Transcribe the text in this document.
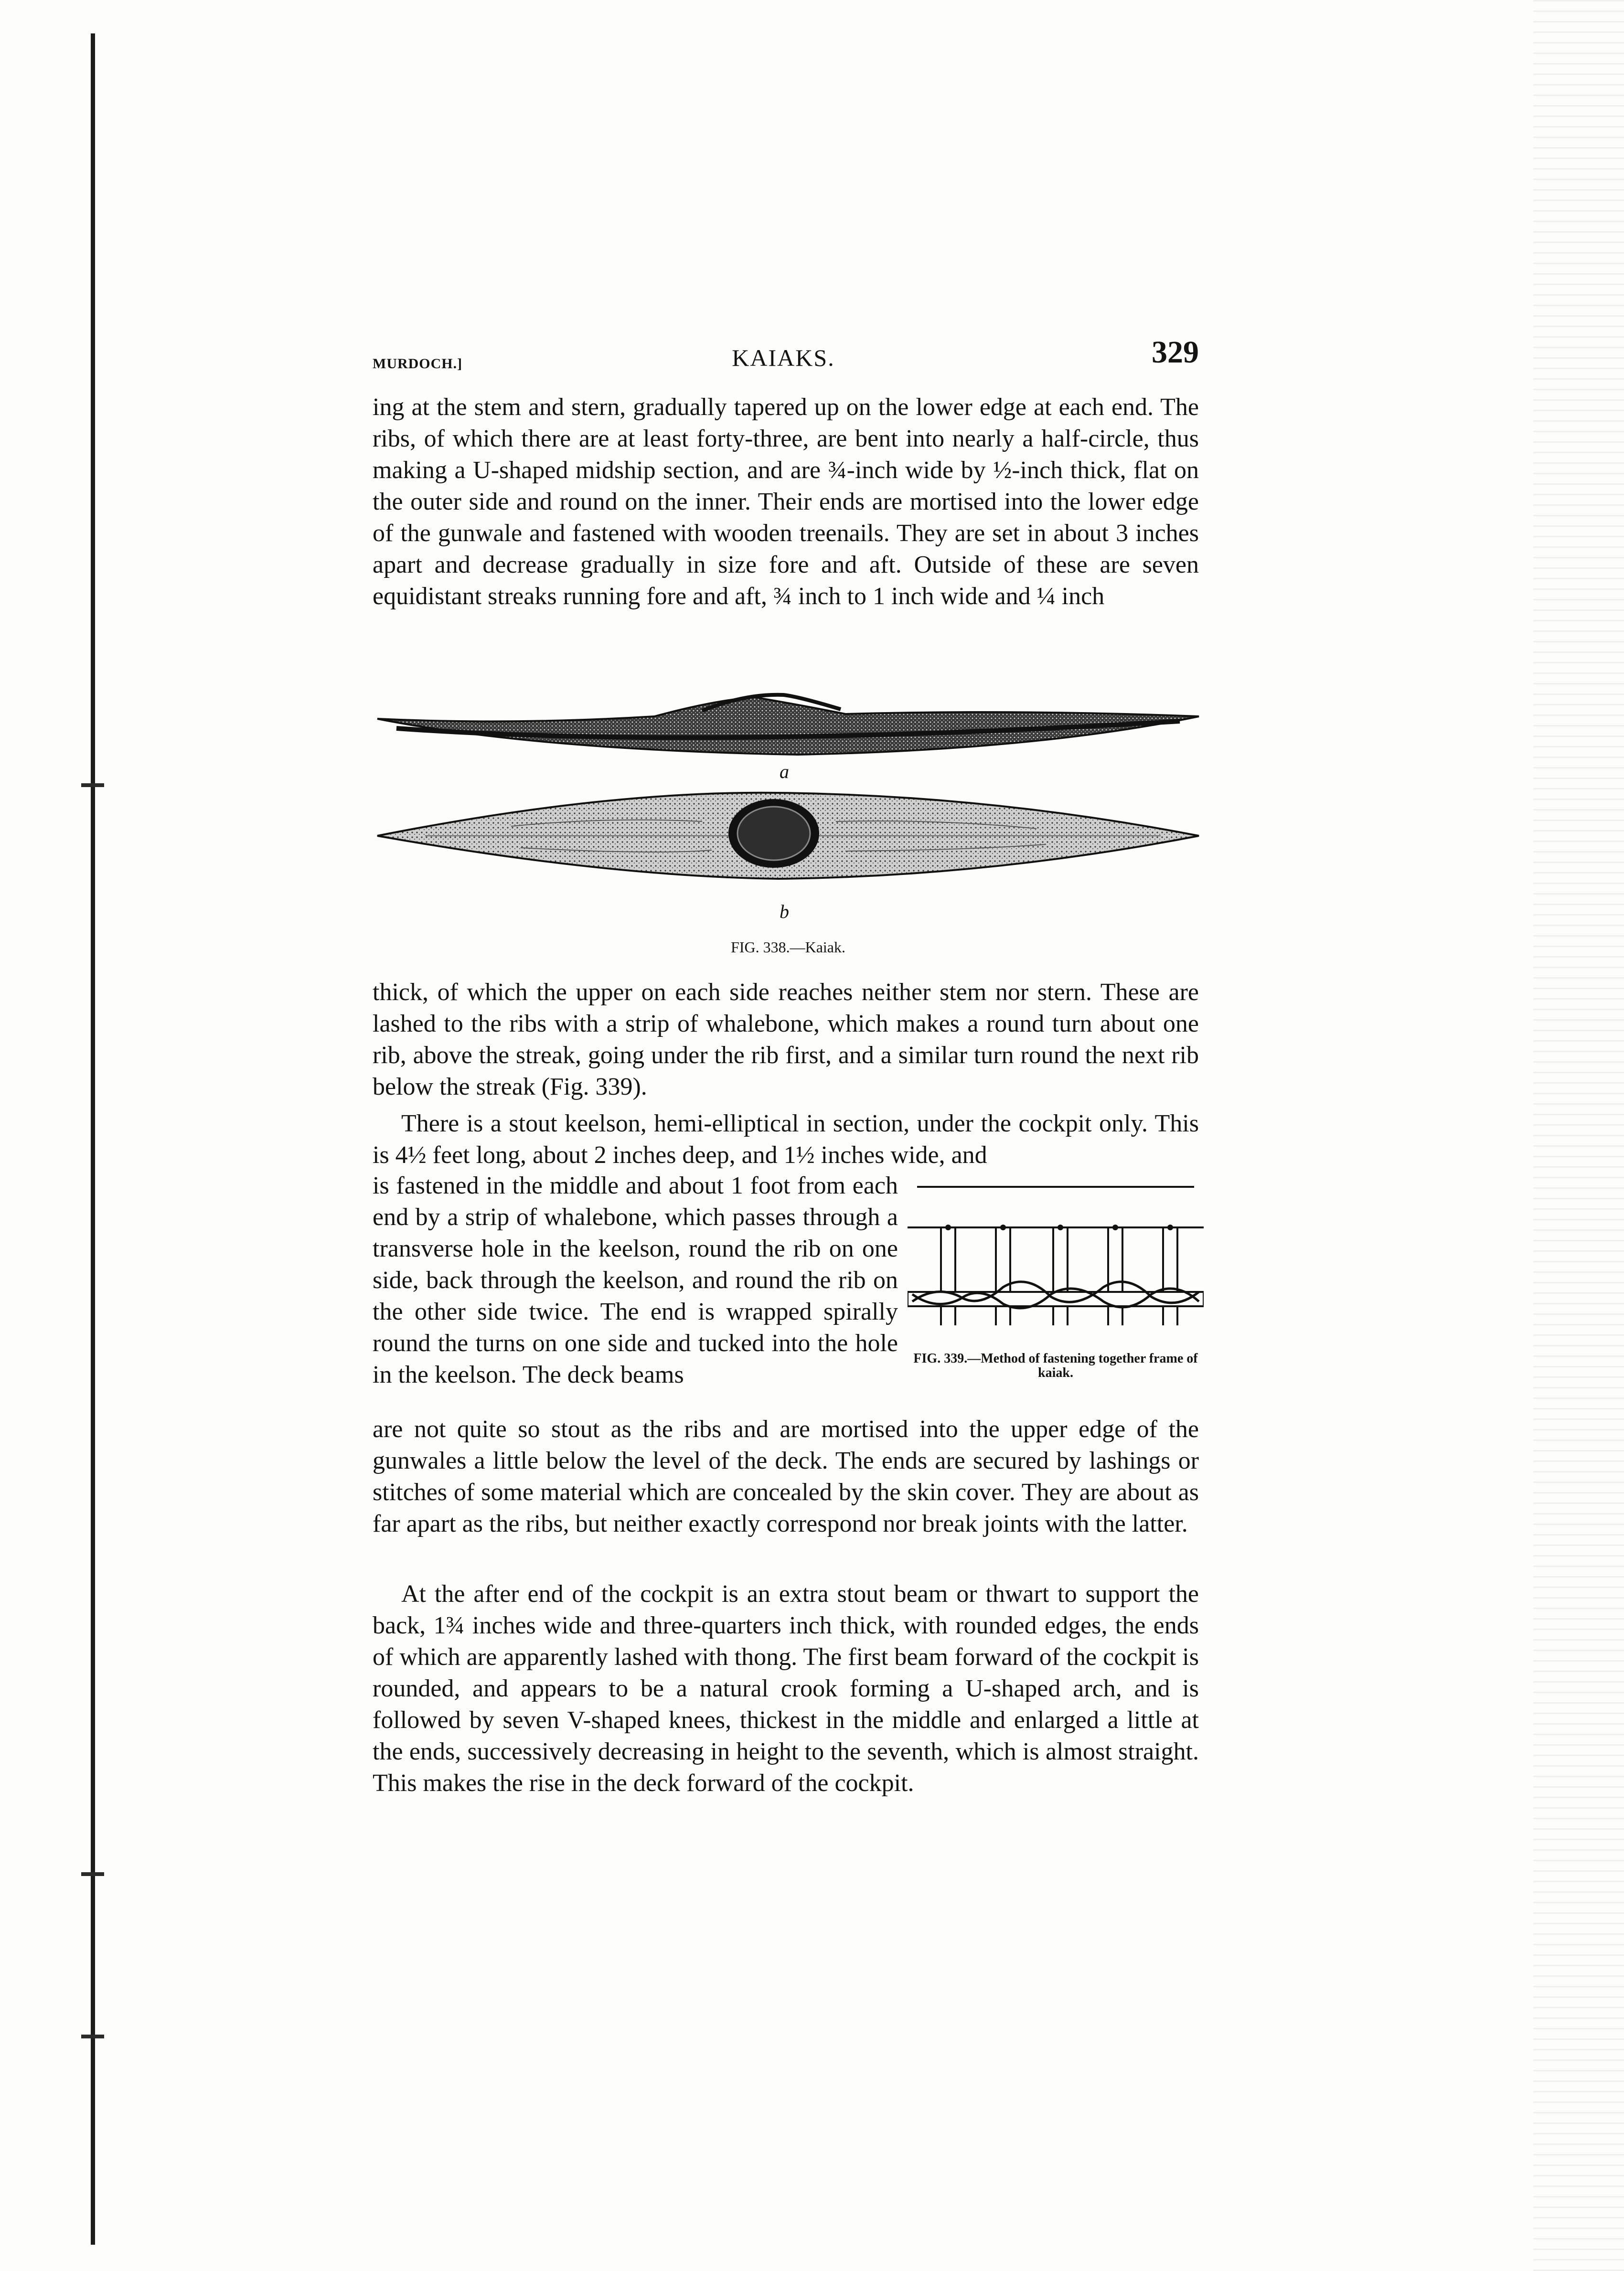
MURDOCH.]	KAIAKS.	329

ing at the stem and stern, gradually tapered up on the lower edge at each end. The ribs, of which there are at least forty-three, are bent into nearly a half-circle, thus making a U-shaped midship section, and are ¾-inch wide by ½-inch thick, flat on the outer side and round on the inner. Their ends are mortised into the lower edge of the gunwale and fastened with wooden treenails. They are set in about 3 inches apart and decrease gradually in size fore and aft. Outside of these are seven equidistant streaks running fore and aft, ¾ inch to 1 inch wide and ¼ inch

a
b
FIG. 338.—Kaiak.

thick, of which the upper on each side reaches neither stem nor stern. These are lashed to the ribs with a strip of whalebone, which makes a round turn about one rib, above the streak, going under the rib first, and a similar turn round the next rib below the streak (Fig. 339).

There is a stout keelson, hemi-elliptical in section, under the cockpit only. This is 4½ feet long, about 2 inches deep, and 1½ inches wide, and

is fastened in the middle and about 1 foot from each end by a strip of whalebone, which passes through a transverse hole in the keelson, round the rib on one side, back through the keelson, and round the rib on the other side twice. The end is wrapped spirally round the turns on one side and tucked into the hole in the keelson. The deck beams

FIG. 339.—Method of fastening together frame of kaiak.

are not quite so stout as the ribs and are mortised into the upper edge of the gunwales a little below the level of the deck. The ends are secured by lashings or stitches of some material which are concealed by the skin cover. They are about as far apart as the ribs, but neither exactly correspond nor break joints with the latter.

At the after end of the cockpit is an extra stout beam or thwart to support the back, 1¾ inches wide and three-quarters inch thick, with rounded edges, the ends of which are apparently lashed with thong. The first beam forward of the cockpit is rounded, and appears to be a natural crook forming a U-shaped arch, and is followed by seven V-shaped knees, thickest in the middle and enlarged a little at the ends, successively decreasing in height to the seventh, which is almost straight. This makes the rise in the deck forward of the cockpit.
